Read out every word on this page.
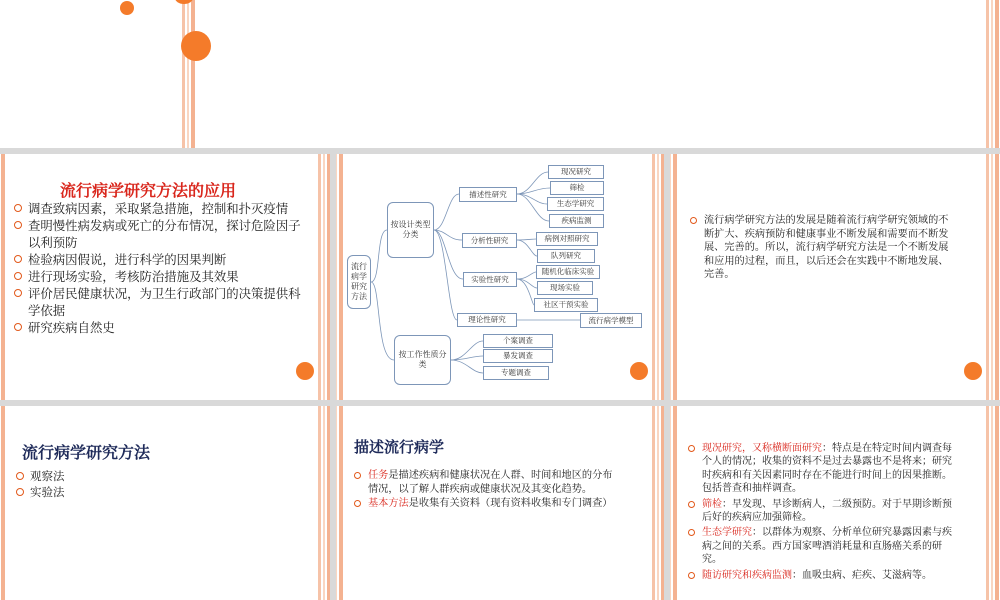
流行病学研究方法的应用
调查致病因素，采取紧急措施，控制和扑灭疫情
查明慢性病发病或死亡的分布情况，探讨危险因子以利预防
检验病因假说，进行科学的因果判断
进行现场实验，考核防治措施及其效果
评价居民健康状况，为卫生行政部门的决策提供科学依据
研究疾病自然史
流行病学研究方法
按设计类型分类
按工作性质分类
描述性研究
分析性研究
实验性研究
理论性研究
现况研究
筛检
生态学研究
疾病监测
病例对照研究
队列研究
随机化临床实验
现场实验
社区干预实验
流行病学模型
个案调查
暴发调查
专题调查
流行病学研究方法的发展是随着流行病学研究领域的不断扩大、疾病预防和健康事业不断发展和需要而不断发展、完善的。所以，流行病学研究方法是一个不断发展和应用的过程，而且，以后还会在实践中不断地发展、完善。
流行病学研究方法
观察法
实验法
描述流行病学
任务是描述疾病和健康状况在人群、时间和地区的分布情况，以了解人群疾病或健康状况及其变化趋势。
基本方法是收集有关资料（现有资料收集和专门调查）
现况研究，又称横断面研究：特点是在特定时间内调查每个人的情况；收集的资料不是过去暴露也不是将来；研究时疾病和有关因素同时存在不能进行时间上的因果推断。包括普查和抽样调查。
筛检：早发现、早诊断病人，二级预防。对于早期诊断预后好的疾病应加强筛检。
生态学研究：以群体为观察、分析单位研究暴露因素与疾病之间的关系。西方国家啤酒消耗量和直肠癌关系的研究。
随访研究和疾病监测：血吸虫病、疟疾、艾滋病等。
